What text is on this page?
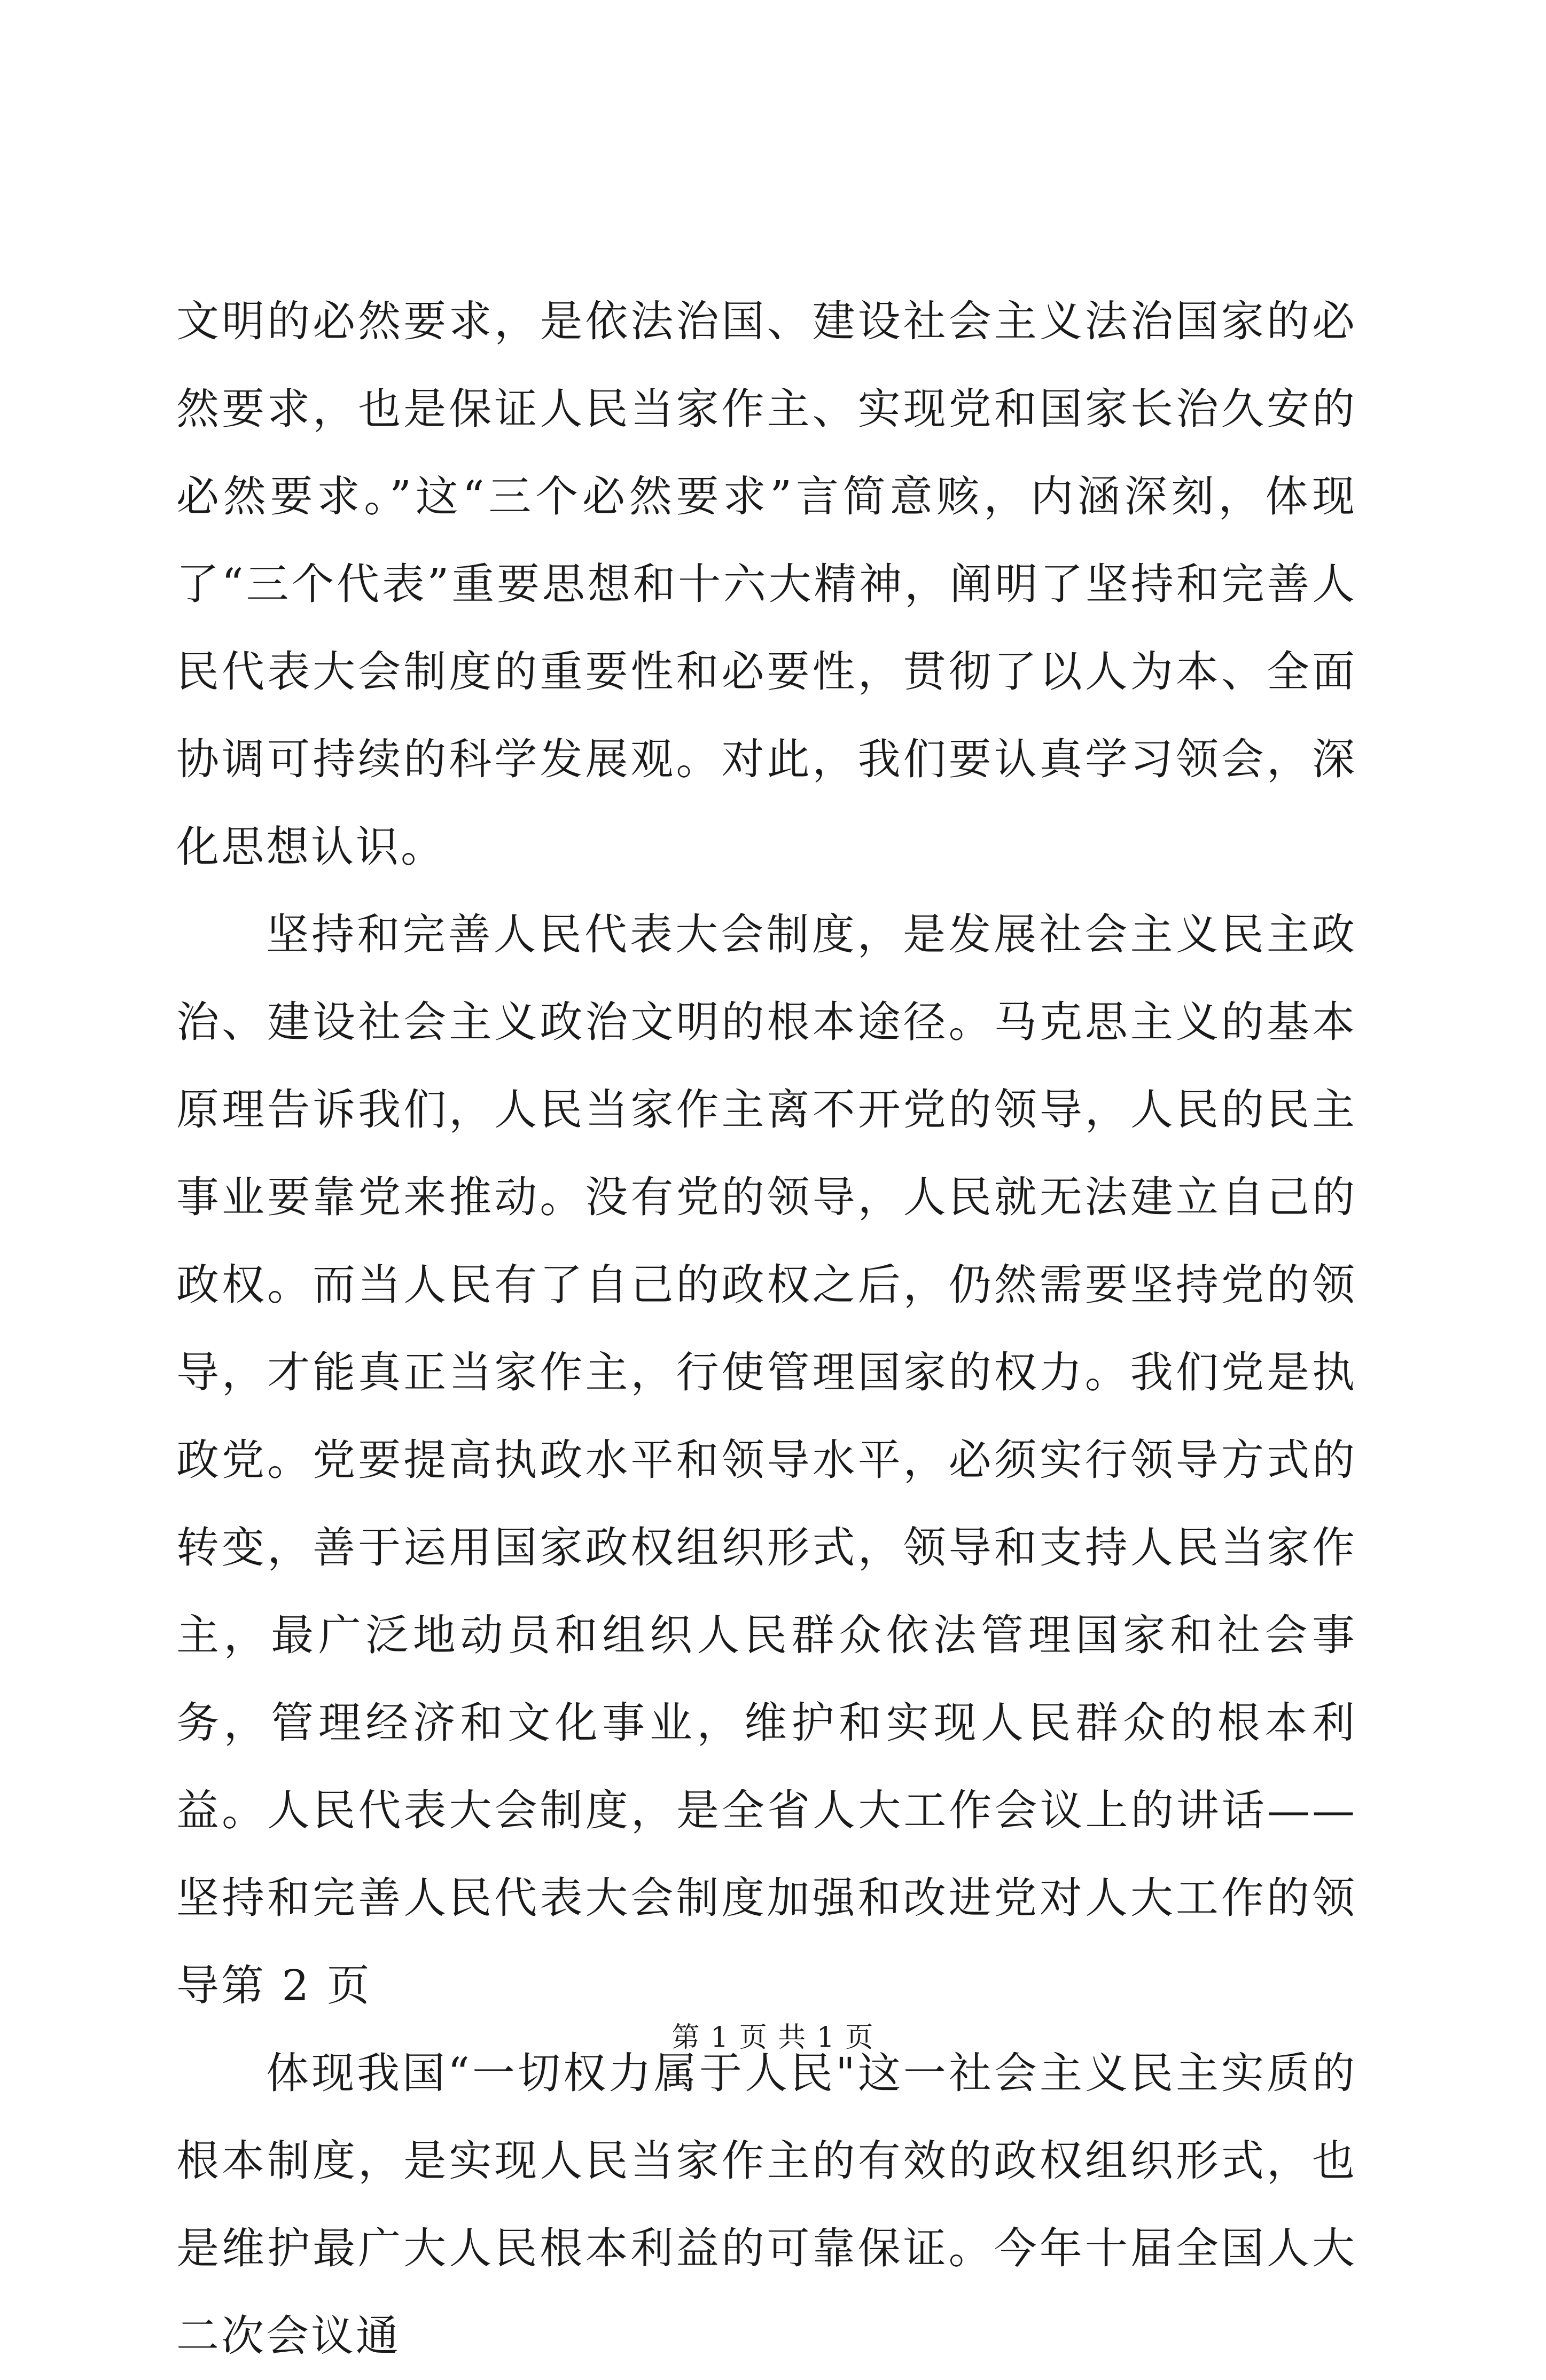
文明的必然要求，是依法治国、建设社会主义法治国家的必然要求，也是保证人民当家作主、实现党和国家长治久安的必然要求。”这“三个必然要求”言简意赅，内涵深刻，体现了“三个代表”重要思想和十六大精神，阐明了坚持和完善人民代表大会制度的重要性和必要性，贯彻了以人为本、全面协调可持续的科学发展观。对此，我们要认真学习领会，深化思想认识。

坚持和完善人民代表大会制度，是发展社会主义民主政治、建设社会主义政治文明的根本途径。马克思主义的基本原理告诉我们，人民当家作主离不开党的领导，人民的民主事业要靠党来推动。没有党的领导，人民就无法建立自己的政权。而当人民有了自己的政权之后，仍然需要坚持党的领导，才能真正当家作主，行使管理国家的权力。我们党是执政党。党要提高执政水平和领导水平，必须实行领导方式的转变，善于运用国家政权组织形式，领导和支持人民当家作主，最广泛地动员和组织人民群众依法管理国家和社会事务，管理经济和文化事业，维护和实现人民群众的根本利益。人民代表大会制度，是全省人大工作会议上的讲话——坚持和完善人民代表大会制度加强和改进党对人大工作的领导第 2 页

体现我国“一切权力属于人民"这一社会主义民主实质的根本制度，是实现人民当家作主的有效的政权组织形式，也是维护最广大人民根本利益的可靠保证。今年十届全国人大二次会议通

第 1 页 共 1 页
